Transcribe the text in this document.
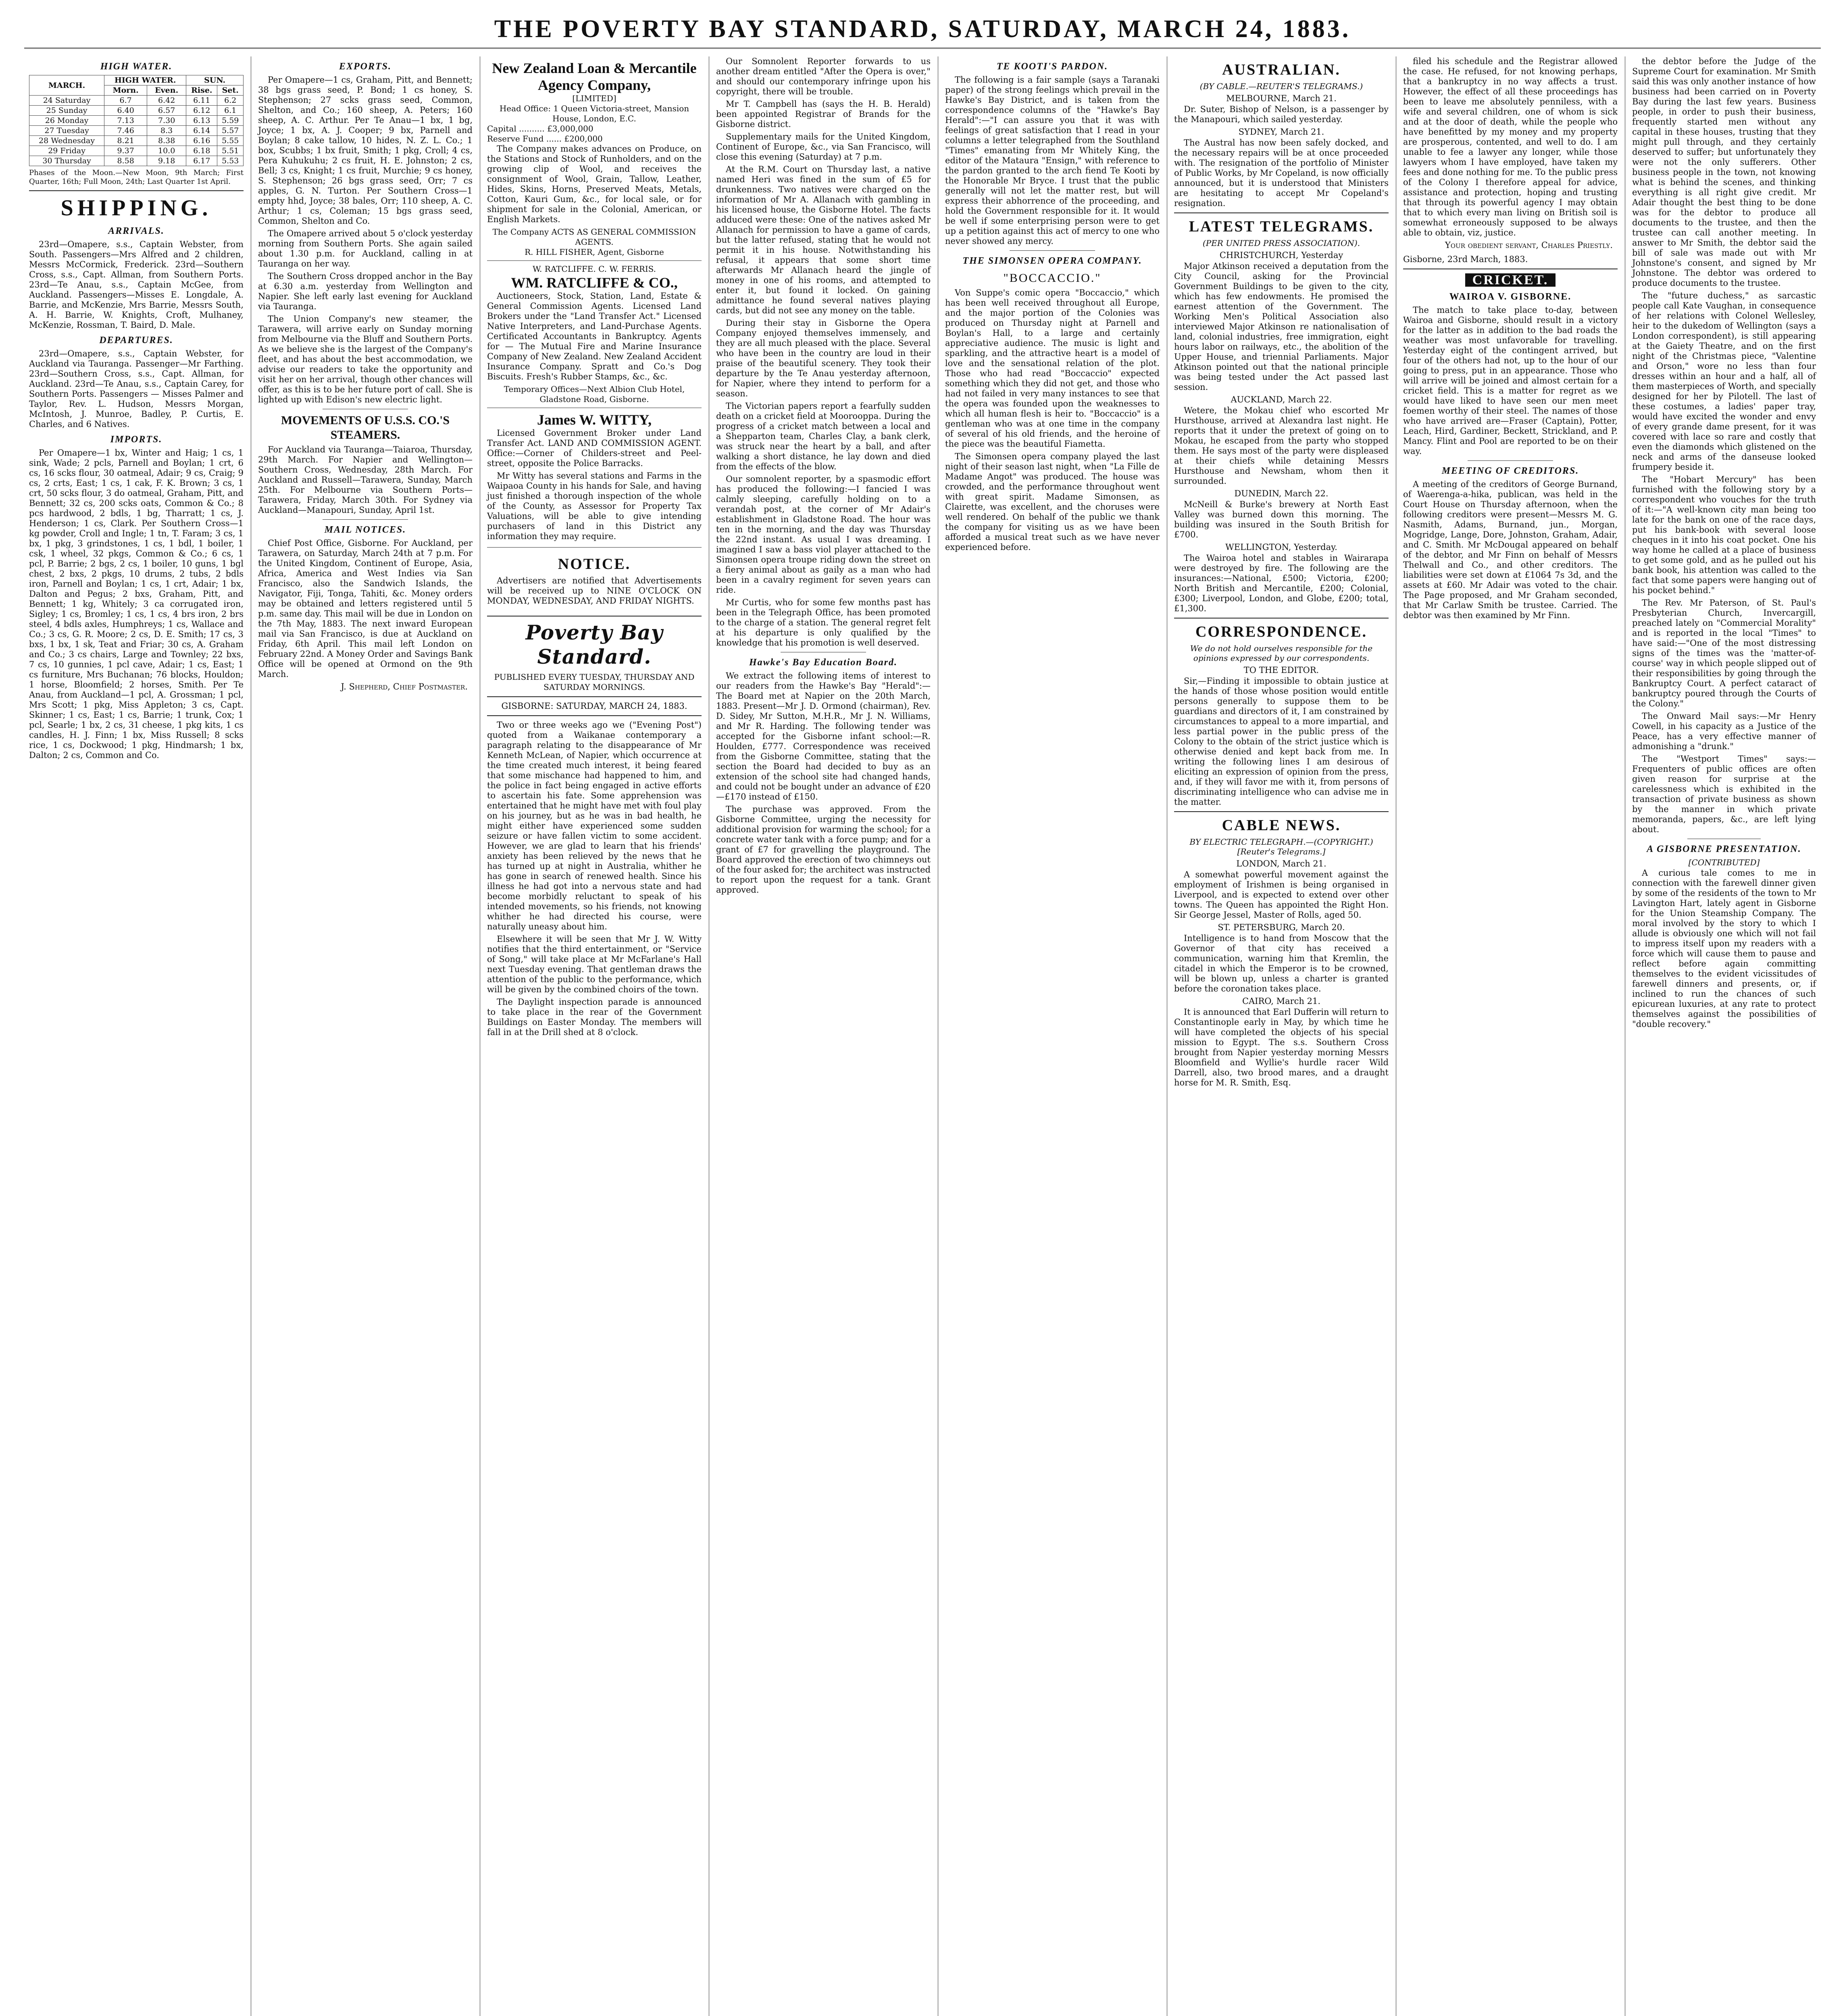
THE POVERTY BAY STANDARD, SATURDAY, MARCH 24, 1883.
HIGH WATER.
MARCH.	HIGH WATER.		SUN.	
	Morn.	Even.	Rise.	Set.
24 Saturday	6.7	6.42	6.11	6.2
25 Sunday	6.40	6.57	6.12	6.1
26 Monday	7.13	7.30	6.13	5.59
27 Tuesday	7.46	8.3	6.14	5.57
28 Wednesday	8.21	8.38	6.16	5.55
29 Friday	9.37	10.0	6.18	5.51
30 Thursday	8.58	9.18	6.17	5.53

Phases of the Moon.—New Moon, 9th March; First Quarter, 16th; Full Moon, 24th; Last Quarter 1st April.

SHIPPING.
ARRIVALS.

23rd—Omapere, s.s., Captain Webster, from South. Passengers—Mrs Alfred and 2 children, Messrs McCormick, Frederick. 23rd—Southern Cross, s.s., Capt. Allman, from Southern Ports. 23rd—Te Anau, s.s., Captain McGee, from Auckland. Passengers—Misses E. Longdale, A. Barrie, and McKenzie, Mrs Barrie, Messrs South, A. H. Barrie, W. Knights, Croft, Mulhaney, McKenzie, Rossman, T. Baird, D. Male.

DEPARTURES.

23rd—Omapere, s.s., Captain Webster, for Auckland via Tauranga. Passenger—Mr Farthing. 23rd—Southern Cross, s.s., Capt. Allman, for Auckland. 23rd—Te Anau, s.s., Captain Carey, for Southern Ports. Passengers — Misses Palmer and Taylor, Rev. L. Hudson, Messrs Morgan, McIntosh, J. Munroe, Badley, P. Curtis, E. Charles, and 6 Natives.

IMPORTS.

Per Omapere—1 bx, Winter and Haig; 1 cs, 1 sink, Wade; 2 pcls, Parnell and Boylan; 1 crt, 6 cs, 16 scks flour, 30 oatmeal, Adair; 9 cs, Craig; 9 cs, 2 crts, East; 1 cs, 1 cak, F. K. Brown; 3 cs, 1 crt, 50 scks flour, 3 do oatmeal, Graham, Pitt, and Bennett; 32 cs, 200 scks oats, Common & Co.; 8 pcs hardwood, 2 bdls, 1 bg, Tharratt; 1 cs, J. Henderson; 1 cs, Clark. Per Southern Cross—1 kg powder, Croll and Ingle; 1 tn, T. Faram; 3 cs, 1 bx, 1 pkg, 3 grindstones, 1 cs, 1 bdl, 1 boiler, 1 csk, 1 wheel, 32 pkgs, Common & Co.; 6 cs, 1 pcl, P. Barrie; 2 bgs, 2 cs, 1 boiler, 10 guns, 1 bgl chest, 2 bxs, 2 pkgs, 10 drums, 2 tubs, 2 bdls iron, Parnell and Boylan; 1 cs, 1 crt, Adair; 1 bx, Dalton and Pegus; 2 bxs, Graham, Pitt, and Bennett; 1 kg, Whitely; 3 ca corrugated iron, Sigley; 1 cs, Bromley; 1 cs, 1 cs, 4 brs iron, 2 brs steel, 4 bdls axles, Humphreys; 1 cs, Wallace and Co.; 3 cs, G. R. Moore; 2 cs, D. E. Smith; 17 cs, 3 bxs, 1 bx, 1 sk, Teat and Friar; 30 cs, A. Graham and Co.; 3 cs chairs, Large and Townley; 22 bxs, 7 cs, 10 gunnies, 1 pcl cave, Adair; 1 cs, East; 1 cs furniture, Mrs Buchanan; 76 blocks, Houldon; 1 horse, Bloomfield; 2 horses, Smith. Per Te Anau, from Auckland—1 pcl, A. Grossman; 1 pcl, Mrs Scott; 1 pkg, Miss Appleton; 3 cs, Capt. Skinner; 1 cs, East; 1 cs, Barrie; 1 trunk, Cox; 1 pcl, Searle; 1 bx, 2 cs, 31 cheese, 1 pkg kits, 1 cs candles, H. J. Finn; 1 bx, Miss Russell; 8 scks rice, 1 cs, Dockwood; 1 pkg, Hindmarsh; 1 bx, Dalton; 2 cs, Common and Co.

EXPORTS.

Per Omapere—1 cs, Graham, Pitt, and Bennett; 38 bgs grass seed, P. Bond; 1 cs honey, S. Stephenson; 27 scks grass seed, Common, Shelton, and Co.; 160 sheep, A. Peters; 160 sheep, A. C. Arthur. Per Te Anau—1 bx, 1 bg, Joyce; 1 bx, A. J. Cooper; 9 bx, Parnell and Boylan; 8 cake tallow, 10 hides, N. Z. L. Co.; 1 box, Scubbs; 1 bx fruit, Smith; 1 pkg, Croll; 4 cs, Pera Kuhukuhu; 2 cs fruit, H. E. Johnston; 2 cs, Bell; 3 cs, Knight; 1 cs fruit, Murchie; 9 cs honey, S. Stephenson; 26 bgs grass seed, Orr; 7 cs apples, G. N. Turton. Per Southern Cross—1 empty hhd, Joyce; 38 bales, Orr; 110 sheep, A. C. Arthur; 1 cs, Coleman; 15 bgs grass seed, Common, Shelton and Co.

The Omapere arrived about 5 o'clock yesterday morning from Southern Ports. She again sailed about 1.30 p.m. for Auckland, calling in at Tauranga on her way.

The Southern Cross dropped anchor in the Bay at 6.30 a.m. yesterday from Wellington and Napier. She left early last evening for Auckland via Tauranga.

The Union Company's new steamer, the Tarawera, will arrive early on Sunday morning from Melbourne via the Bluff and Southern Ports. As we believe she is the largest of the Company's fleet, and has about the best accommodation, we advise our readers to take the opportunity and visit her on her arrival, though other chances will offer, as this is to be her future port of call. She is lighted up with Edison's new electric light.

MOVEMENTS OF U.S.S. CO.'S STEAMERS.

For Auckland via Tauranga—Taiaroa, Thursday, 29th March. For Napier and Wellington—Southern Cross, Wednesday, 28th March. For Auckland and Russell—Tarawera, Sunday, March 25th. For Melbourne via Southern Ports—Tarawera, Friday, March 30th. For Sydney via Auckland—Manapouri, Sunday, April 1st.

MAIL NOTICES.

Chief Post Office, Gisborne. For Auckland, per Tarawera, on Saturday, March 24th at 7 p.m. For the United Kingdom, Continent of Europe, Asia, Africa, America and West Indies via San Francisco, also the Sandwich Islands, the Navigator, Fiji, Tonga, Tahiti, &c. Money orders may be obtained and letters registered until 5 p.m. same day. This mail will be due in London on the 7th May, 1883. The next inward European mail via San Francisco, is due at Auckland on Friday, 6th April. This mail left London on February 22nd. A Money Order and Savings Bank Office will be opened at Ormond on the 9th March.

J. Shepherd, Chief Postmaster.

New Zealand Loan & Mercantile Agency Company,

[LIMITED]

Head Office: 1 Queen Victoria-street, Mansion House, London, E.C.

Capital .......... £3,000,000

Reserve Fund ...... £200,000

The Company makes advances on Produce, on the Stations and Stock of Runholders, and on the growing clip of Wool, and receives the consignment of Wool, Grain, Tallow, Leather, Hides, Skins, Horns, Preserved Meats, Metals, Cotton, Kauri Gum, &c., for local sale, or for shipment for sale in the Colonial, American, or English Markets.

The Company ACTS AS GENERAL COMMISSION AGENTS.

R. HILL FISHER, Agent, Gisborne

W. RATCLIFFE. C. W. FERRIS.

WM. RATCLIFFE & CO.,

Auctioneers, Stock, Station, Land, Estate & General Commission Agents. Licensed Land Brokers under the "Land Transfer Act." Licensed Native Interpreters, and Land-Purchase Agents. Certificated Accountants in Bankruptcy. Agents for — The Mutual Fire and Marine Insurance Company of New Zealand. New Zealand Accident Insurance Company. Spratt and Co.'s Dog Biscuits. Fresh's Rubber Stamps, &c., &c.

Temporary Offices—Next Albion Club Hotel, Gladstone Road, Gisborne.

James W. WITTY,

Licensed Government Broker under Land Transfer Act. LAND AND COMMISSION AGENT. Office:—Corner of Childers-street and Peel-street, opposite the Police Barracks.

Mr Witty has several stations and Farms in the Waipaoa County in his hands for Sale, and having just finished a thorough inspection of the whole of the County, as Assessor for Property Tax Valuations, will be able to give intending purchasers of land in this District any information they may require.

NOTICE.

Advertisers are notified that Advertisements will be received up to NINE O'CLOCK ON MONDAY, WEDNESDAY, AND FRIDAY NIGHTS.

Poverty Bay Standard.

PUBLISHED EVERY TUESDAY, THURSDAY AND SATURDAY MORNINGS.

GISBORNE: SATURDAY, MARCH 24, 1883.

Two or three weeks ago we ("Evening Post") quoted from a Waikanae contemporary a paragraph relating to the disappearance of Mr Kenneth McLean, of Napier, which occurrence at the time created much interest, it being feared that some mischance had happened to him, and the police in fact being engaged in active efforts to ascertain his fate. Some apprehension was entertained that he might have met with foul play on his journey, but as he was in bad health, he might either have experienced some sudden seizure or have fallen victim to some accident. However, we are glad to learn that his friends' anxiety has been relieved by the news that he has turned up at night in Australia, whither he has gone in search of renewed health. Since his illness he had got into a nervous state and had become morbidly reluctant to speak of his intended movements, so his friends, not knowing whither he had directed his course, were naturally uneasy about him.

Elsewhere it will be seen that Mr J. W. Witty notifies that the third entertainment, or "Service of Song," will take place at Mr McFarlane's Hall next Tuesday evening. That gentleman draws the attention of the public to the performance, which will be given by the combined choirs of the town.

The Daylight inspection parade is announced to take place in the rear of the Government Buildings on Easter Monday. The members will fall in at the Drill shed at 8 o'clock.

Our Somnolent Reporter forwards to us another dream entitled "After the Opera is over," and should our contemporary infringe upon his copyright, there will be trouble.

Mr T. Campbell has (says the H. B. Herald) been appointed Registrar of Brands for the Gisborne district.

Supplementary mails for the United Kingdom, Continent of Europe, &c., via San Francisco, will close this evening (Saturday) at 7 p.m.

At the R.M. Court on Thursday last, a native named Heri was fined in the sum of £5 for drunkenness. Two natives were charged on the information of Mr A. Allanach with gambling in his licensed house, the Gisborne Hotel. The facts adduced were these: One of the natives asked Mr Allanach for permission to have a game of cards, but the latter refused, stating that he would not permit it in his house. Notwithstanding his refusal, it appears that some short time afterwards Mr Allanach heard the jingle of money in one of his rooms, and attempted to enter it, but found it locked. On gaining admittance he found several natives playing cards, but did not see any money on the table.

During their stay in Gisborne the Opera Company enjoyed themselves immensely, and they are all much pleased with the place. Several who have been in the country are loud in their praise of the beautiful scenery. They took their departure by the Te Anau yesterday afternoon, for Napier, where they intend to perform for a season.

The Victorian papers report a fearfully sudden death on a cricket field at Moorooppa. During the progress of a cricket match between a local and a Shepparton team, Charles Clay, a bank clerk, was struck near the heart by a ball, and after walking a short distance, he lay down and died from the effects of the blow.

Our somnolent reporter, by a spasmodic effort has produced the following:—I fancied I was calmly sleeping, carefully holding on to a verandah post, at the corner of Mr Adair's establishment in Gladstone Road. The hour was ten in the morning, and the day was Thursday the 22nd instant. As usual I was dreaming. I imagined I saw a bass viol player attached to the Simonsen opera troupe riding down the street on a fiery animal about as gaily as a man who had been in a cavalry regiment for seven years can ride.

Mr Curtis, who for some few months past has been in the Telegraph Office, has been promoted to the charge of a station. The general regret felt at his departure is only qualified by the knowledge that his promotion is well deserved.

Hawke's Bay Education Board.

We extract the following items of interest to our readers from the Hawke's Bay "Herald":—The Board met at Napier on the 20th March, 1883. Present—Mr J. D. Ormond (chairman), Rev. D. Sidey, Mr Sutton, M.H.R., Mr J. N. Williams, and Mr R. Harding. The following tender was accepted for the Gisborne infant school:—R. Houlden, £777. Correspondence was received from the Gisborne Committee, stating that the section the Board had decided to buy as an extension of the school site had changed hands, and could not be bought under an advance of £20—£170 instead of £150.

The purchase was approved. From the Gisborne Committee, urging the necessity for additional provision for warming the school; for a concrete water tank with a force pump; and for a grant of £7 for gravelling the playground. The Board approved the erection of two chimneys out of the four asked for; the architect was instructed to report upon the request for a tank. Grant approved.

TE KOOTI'S PARDON.

The following is a fair sample (says a Taranaki paper) of the strong feelings which prevail in the Hawke's Bay District, and is taken from the correspondence columns of the "Hawke's Bay Herald":—"I can assure you that it was with feelings of great satisfaction that I read in your columns a letter telegraphed from the Southland "Times" emanating from Mr Whitely King, the editor of the Mataura "Ensign," with reference to the pardon granted to the arch fiend Te Kooti by the Honorable Mr Bryce. I trust that the public generally will not let the matter rest, but will express their abhorrence of the proceeding, and hold the Government responsible for it. It would be well if some enterprising person were to get up a petition against this act of mercy to one who never showed any mercy.

THE SIMONSEN OPERA COMPANY.
"BOCCACCIO."

Von Suppe's comic opera "Boccaccio," which has been well received throughout all Europe, and the major portion of the Colonies was produced on Thursday night at Parnell and Boylan's Hall, to a large and certainly appreciative audience. The music is light and sparkling, and the attractive heart is a model of love and the sensational relation of the plot. Those who had read "Boccaccio" expected something which they did not get, and those who had not failed in very many instances to see that the opera was founded upon the weaknesses to which all human flesh is heir to. "Boccaccio" is a gentleman who was at one time in the company of several of his old friends, and the heroine of the piece was the beautiful Fiametta.

The Simonsen opera company played the last night of their season last night, when "La Fille de Madame Angot" was produced. The house was crowded, and the performance throughout went with great spirit. Madame Simonsen, as Clairette, was excellent, and the choruses were well rendered. On behalf of the public we thank the company for visiting us as we have been afforded a musical treat such as we have never experienced before.

AUSTRALIAN.
(BY CABLE.—REUTER'S TELEGRAMS.)
MELBOURNE, March 21.

Dr. Suter, Bishop of Nelson, is a passenger by the Manapouri, which sailed yesterday.

SYDNEY, March 21.

The Austral has now been safely docked, and the necessary repairs will be at once proceeded with. The resignation of the portfolio of Minister of Public Works, by Mr Copeland, is now officially announced, but it is understood that Ministers are hesitating to accept Mr Copeland's resignation.

LATEST TELEGRAMS.
(PER UNITED PRESS ASSOCIATION).
CHRISTCHURCH, Yesterday

Major Atkinson received a deputation from the City Council, asking for the Provincial Government Buildings to be given to the city, which has few endowments. He promised the earnest attention of the Government. The Working Men's Political Association also interviewed Major Atkinson re nationalisation of land, colonial industries, free immigration, eight hours labor on railways, etc., the abolition of the Upper House, and triennial Parliaments. Major Atkinson pointed out that the national principle was being tested under the Act passed last session.

AUCKLAND, March 22.

Wetere, the Mokau chief who escorted Mr Hursthouse, arrived at Alexandra last night. He reports that it under the pretext of going on to Mokau, he escaped from the party who stopped them. He says most of the party were displeased at their chiefs while detaining Messrs Hursthouse and Newsham, whom then it surrounded.

DUNEDIN, March 22.

McNeill & Burke's brewery at North East Valley was burned down this morning. The building was insured in the South British for £700.

WELLINGTON, Yesterday.

The Wairoa hotel and stables in Wairarapa were destroyed by fire. The following are the insurances:—National, £500; Victoria, £200; North British and Mercantile, £200; Colonial, £300; Liverpool, London, and Globe, £200; total, £1,300.

CORRESPONDENCE.
We do not hold ourselves responsible for the opinions expressed by our correspondents.
TO THE EDITOR.

Sir,—Finding it impossible to obtain justice at the hands of those whose position would entitle persons generally to suppose them to be guardians and directors of it, I am constrained by circumstances to appeal to a more impartial, and less partial power in the public press of the Colony to the obtain of the strict justice which is otherwise denied and kept back from me. In writing the following lines I am desirous of eliciting an expression of opinion from the press, and, if they will favor me with it, from persons of discriminating intelligence who can advise me in the matter.

CABLE NEWS.
BY ELECTRIC TELEGRAPH.—(COPYRIGHT.) [Reuter's Telegrams.]
LONDON, March 21.

A somewhat powerful movement against the employment of Irishmen is being organised in Liverpool, and is expected to extend over other towns. The Queen has appointed the Right Hon. Sir George Jessel, Master of Rolls, aged 50.

ST. PETERSBURG, March 20.

Intelligence is to hand from Moscow that the Governor of that city has received a communication, warning him that Kremlin, the citadel in which the Emperor is to be crowned, will be blown up, unless a charter is granted before the coronation takes place.

CAIRO, March 21.

It is announced that Earl Dufferin will return to Constantinople early in May, by which time he will have completed the objects of his special mission to Egypt. The s.s. Southern Cross brought from Napier yesterday morning Messrs Bloomfield and Wyllie's hurdle racer Wild Darrell, also, two brood mares, and a draught horse for M. R. Smith, Esq.

filed his schedule and the Registrar allowed the case. He refused, for not knowing perhaps, that a bankruptcy in no way affects a trust. However, the effect of all these proceedings has been to leave me absolutely penniless, with a wife and several children, one of whom is sick and at the door of death, while the people who have benefitted by my money and my property are prosperous, contented, and well to do. I am unable to fee a lawyer any longer, while those lawyers whom I have employed, have taken my fees and done nothing for me. To the public press of the Colony I therefore appeal for advice, assistance and protection, hoping and trusting that through its powerful agency I may obtain that to which every man living on British soil is somewhat erroneously supposed to be always able to obtain, viz, justice.

Your obedient servant, Charles Priestly.

Gisborne, 23rd March, 1883.

CRICKET.
WAIROA V. GISBORNE.

The match to take place to-day, between Wairoa and Gisborne, should result in a victory for the latter as in addition to the bad roads the weather was most unfavorable for travelling. Yesterday eight of the contingent arrived, but four of the others had not, up to the hour of our going to press, put in an appearance. Those who will arrive will be joined and almost certain for a cricket field. This is a matter for regret as we would have liked to have seen our men meet foemen worthy of their steel. The names of those who have arrived are—Fraser (Captain), Potter, Leach, Hird, Gardiner, Beckett, Strickland, and P. Mancy. Flint and Pool are reported to be on their way.

MEETING OF CREDITORS.

A meeting of the creditors of George Burnand, of Waerenga-a-hika, publican, was held in the Court House on Thursday afternoon, when the following creditors were present—Messrs M. G. Nasmith, Adams, Burnand, jun., Morgan, Mogridge, Lange, Dore, Johnston, Graham, Adair, and C. Smith. Mr McDougal appeared on behalf of the debtor, and Mr Finn on behalf of Messrs Thelwall and Co., and other creditors. The liabilities were set down at £1064 7s 3d, and the assets at £60. Mr Adair was voted to the chair. The Page proposed, and Mr Graham seconded, that Mr Carlaw Smith be trustee. Carried. The debtor was then examined by Mr Finn.

the debtor before the Judge of the Supreme Court for examination. Mr Smith said this was only another instance of how business had been carried on in Poverty Bay during the last few years. Business people, in order to push their business, frequently started men without any capital in these houses, trusting that they might pull through, and they certainly deserved to suffer; but unfortunately they were not the only sufferers. Other business people in the town, not knowing what is behind the scenes, and thinking everything is all right give credit. Mr Adair thought the best thing to be done was for the debtor to produce all documents to the trustee, and then the trustee can call another meeting. In answer to Mr Smith, the debtor said the bill of sale was made out with Mr Johnstone's consent, and signed by Mr Johnstone. The debtor was ordered to produce documents to the trustee.

The "future duchess," as sarcastic people call Kate Vaughan, in consequence of her relations with Colonel Wellesley, heir to the dukedom of Wellington (says a London correspondent), is still appearing at the Gaiety Theatre, and on the first night of the Christmas piece, "Valentine and Orson," wore no less than four dresses within an hour and a half, all of them masterpieces of Worth, and specially designed for her by Pilotell. The last of these costumes, a ladies' paper tray, would have excited the wonder and envy of every grande dame present, for it was covered with lace so rare and costly that even the diamonds which glistened on the neck and arms of the danseuse looked frumpery beside it.

The "Hobart Mercury" has been furnished with the following story by a correspondent who vouches for the truth of it:—"A well-known city man being too late for the bank on one of the race days, put his bank-book with several loose cheques in it into his coat pocket. One his way home he called at a place of business to get some gold, and as he pulled out his bank book, his attention was called to the fact that some papers were hanging out of his pocket behind."

The Rev. Mr Paterson, of St. Paul's Presbyterian Church, Invercargill, preached lately on "Commercial Morality" and is reported in the local "Times" to have said:—"One of the most distressing signs of the times was the 'matter-of-course' way in which people slipped out of their responsibilities by going through the Bankruptcy Court. A perfect cataract of bankruptcy poured through the Courts of the Colony."

The Onward Mail says:—Mr Henry Cowell, in his capacity as a Justice of the Peace, has a very effective manner of admonishing a "drunk."

The "Westport Times" says:—Frequenters of public offices are often given reason for surprise at the carelessness which is exhibited in the transaction of private business as shown by the manner in which private memoranda, papers, &c., are left lying about.

A GISBORNE PRESENTATION.
[CONTRIBUTED]

A curious tale comes to me in connection with the farewell dinner given by some of the residents of the town to Mr Lavington Hart, lately agent in Gisborne for the Union Steamship Company. The moral involved by the story to which I allude is obviously one which will not fail to impress itself upon my readers with a force which will cause them to pause and reflect before again committing themselves to the evident vicissitudes of farewell dinners and presents, or, if inclined to run the chances of such epicurean luxuries, at any rate to protect themselves against the possibilities of "double recovery."
